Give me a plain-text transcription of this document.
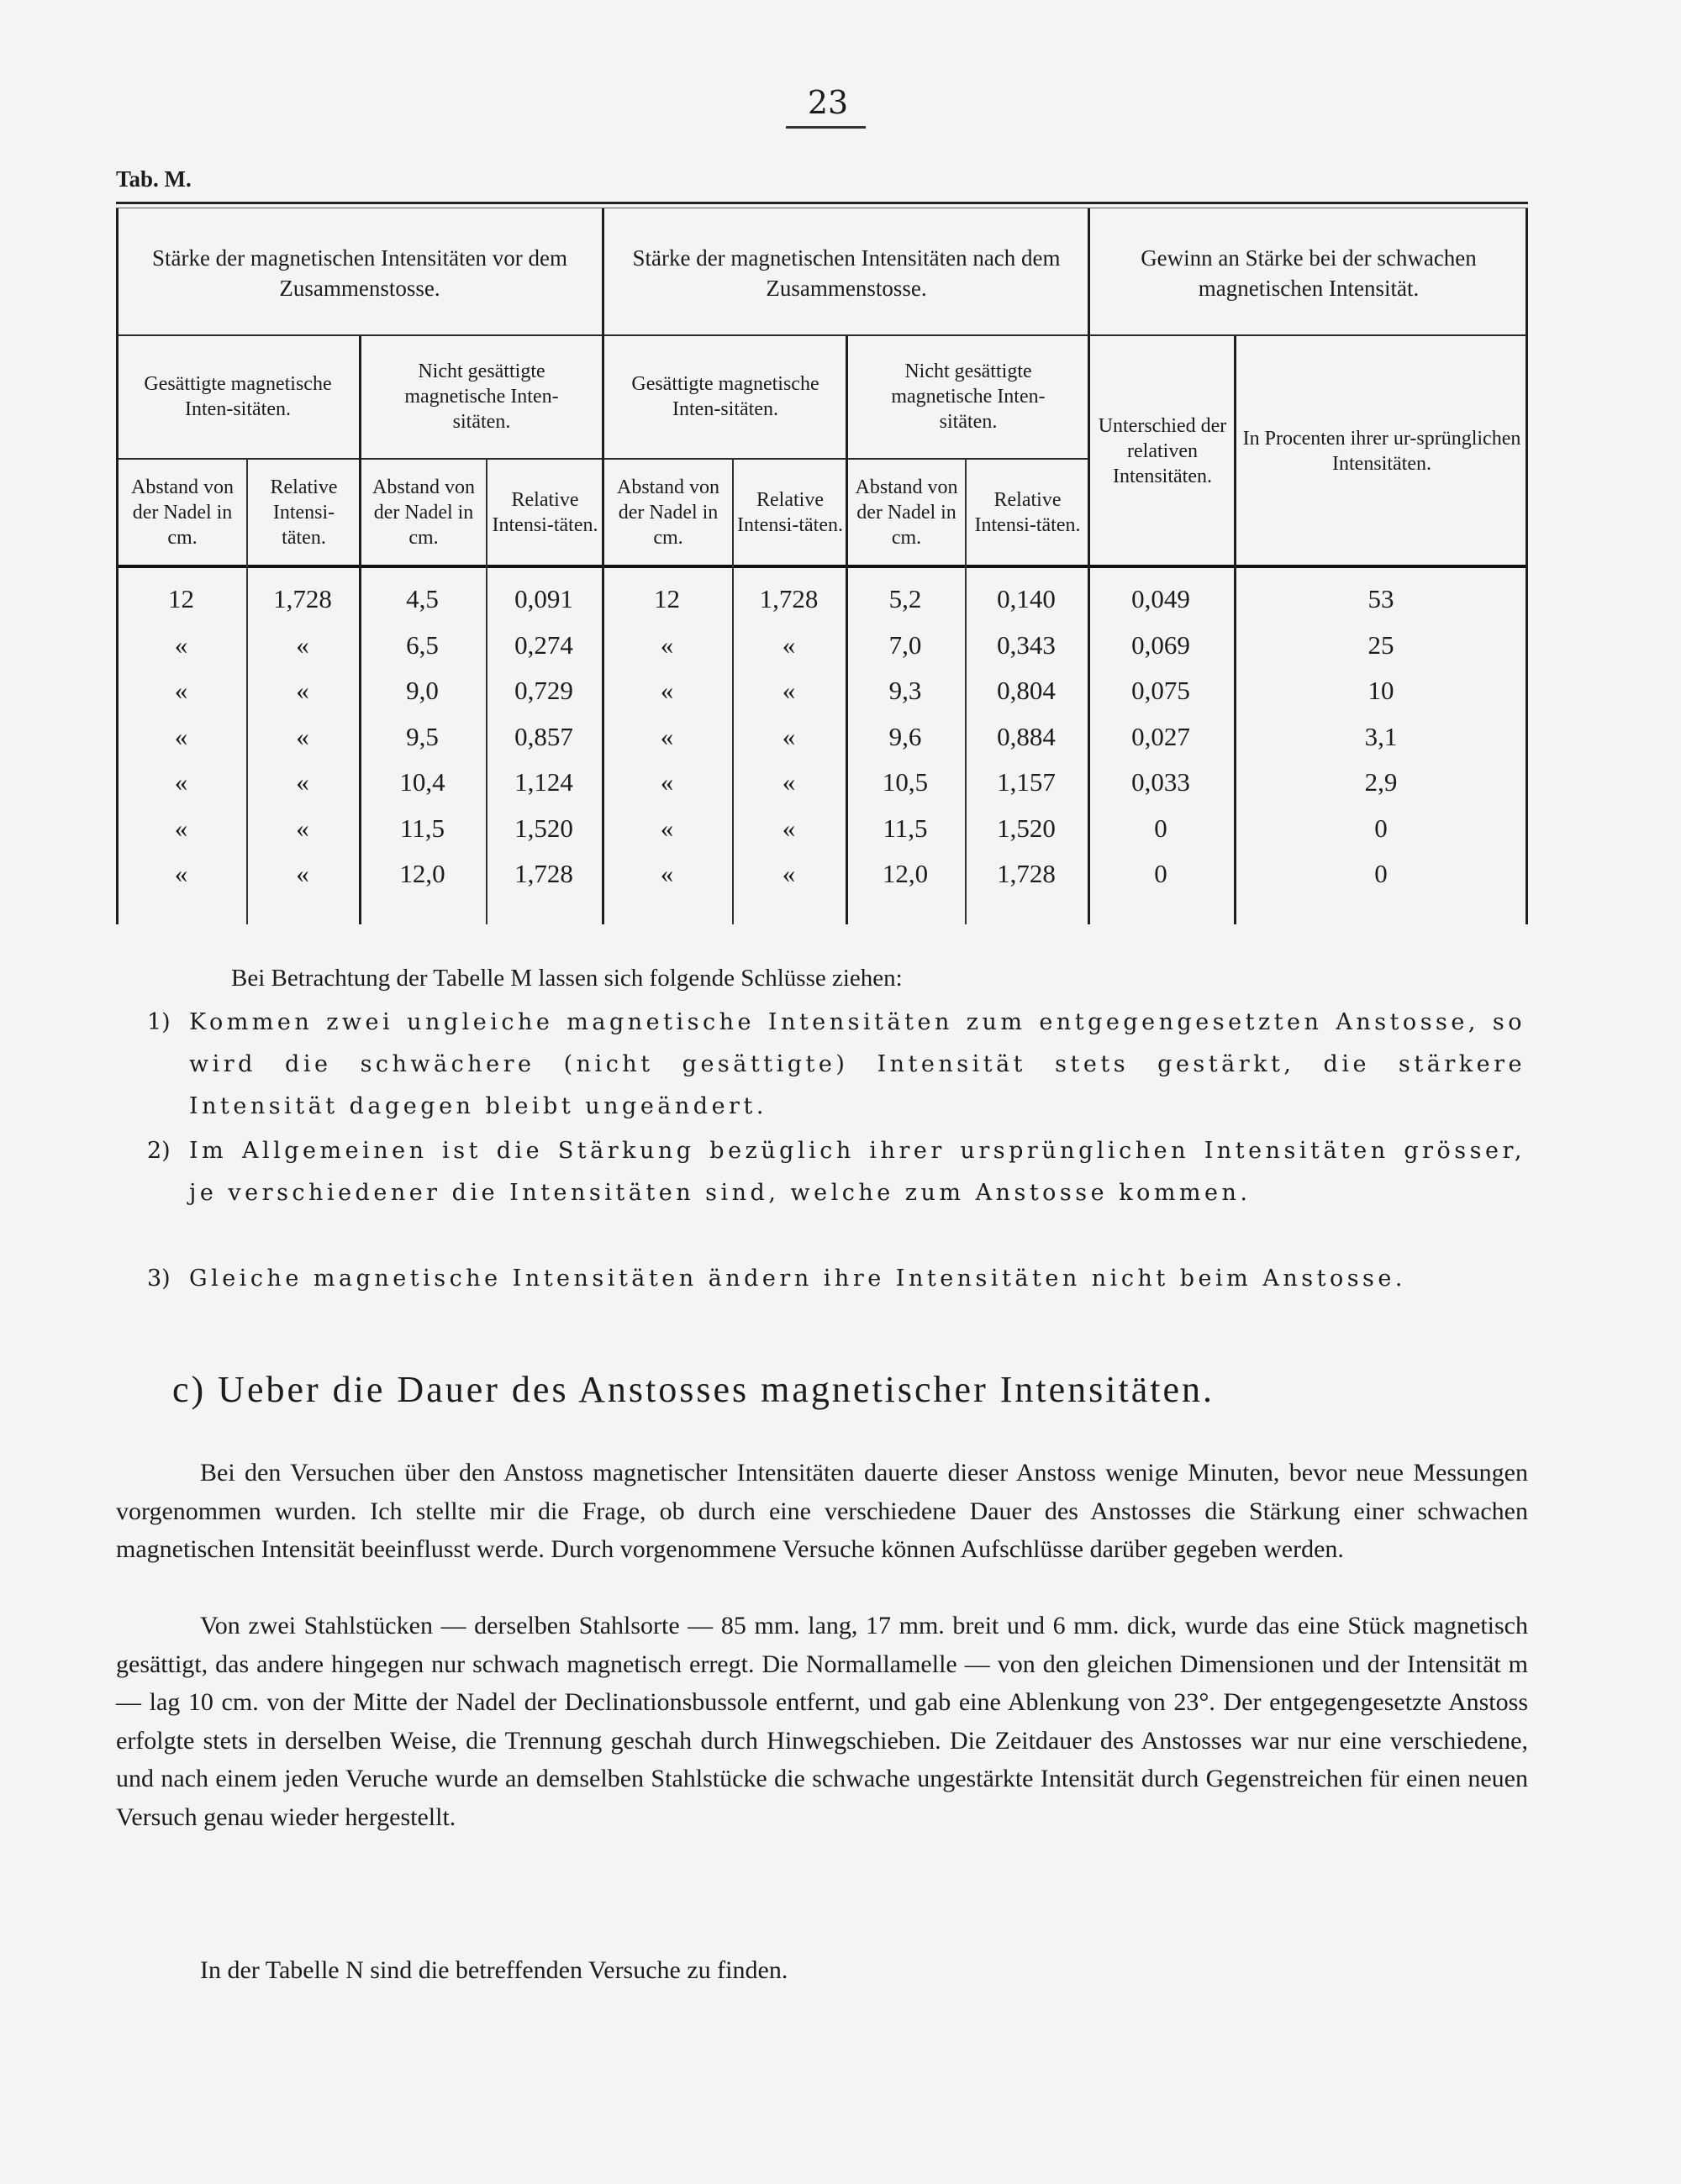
23
Tab. M.
Stärke der magnetischen Intensitäten vor dem Zusammenstosse.
Stärke der magnetischen Intensitäten nach dem Zusammenstosse.
Gewinn an Stärke bei der schwachen magnetischen Intensität.
Gesättigte magnetische Inten-sitäten.
Nicht gesättigte magnetische Inten-sitäten.
Gesättigte magnetische Inten-sitäten.
Nicht gesättigte magnetische Inten-sitäten.	Unterschied der relativen Intensitäten.
In Procenten ihrer ur-sprünglichen Intensitäten.
Abstand von der Nadel in cm.
Relative Intensi-täten.
Abstand von der Nadel in cm.
Relative Intensi-täten.
Abstand von der Nadel in cm.
Relative Intensi-täten.
Abstand von der Nadel in cm.
Relative Intensi-täten.
12	1,728	4,5	0,091	12	1,728	5,2	0,140	0,049	53
«	«	6,5	0,274	«	«	7,0	0,343	0,069	25
«	«	9,0	0,729	«	«	9,3	0,804	0,075	10
«	«	9,5	0,857	«	«	9,6	0,884	0,027	3,1
«	«	10,4	1,124	«	«	10,5	1,157	0,033	2,9
«	«	11,5	1,520	«	«	11,5	1,520	0	0
«	«	12,0	1,728	«	«	12,0	1,728	0	0
Bei Betrachtung der Tabelle M lassen sich folgende Schlüsse ziehen:
1) Kommen zwei ungleiche magnetische Intensitäten zum entgegengesetzten Anstosse, so wird die schwächere (nicht gesättigte) Intensität stets gestärkt, die stärkere Intensität dagegen bleibt ungeändert.
2) Im Allgemeinen ist die Stärkung bezüglich ihrer ursprünglichen Intensitäten grösser, je verschiedener die Intensitäten sind, welche zum Anstosse kommen.
3) Gleiche magnetische Intensitäten ändern ihre Intensitäten nicht beim Anstosse.
c) Ueber die Dauer des Anstosses magnetischer Intensitäten.
Bei den Versuchen über den Anstoss magnetischer Intensitäten dauerte dieser Anstoss wenige Minuten, bevor neue Messungen vorgenommen wurden. Ich stellte mir die Frage, ob durch eine verschiedene Dauer des Anstosses die Stärkung einer schwachen magnetischen Intensität beeinflusst werde. Durch vorgenommene Versuche können Aufschlüsse darüber gegeben werden.
Von zwei Stahlstücken — derselben Stahlsorte — 85 mm. lang, 17 mm. breit und 6 mm. dick, wurde das eine Stück magnetisch gesättigt, das andere hingegen nur schwach magnetisch erregt. Die Normallamelle — von den gleichen Dimensionen und der Intensität m — lag 10 cm. von der Mitte der Nadel der Declinationsbussole entfernt, und gab eine Ablenkung von 23°. Der entgegengesetzte Anstoss erfolgte stets in derselben Weise, die Trennung geschah durch Hinwegschieben. Die Zeitdauer des Anstosses war nur eine verschiedene, und nach einem jeden Veruche wurde an demselben Stahlstücke die schwache ungestärkte Intensität durch Gegenstreichen für einen neuen Versuch genau wieder hergestellt.
In der Tabelle N sind die betreffenden Versuche zu finden.
